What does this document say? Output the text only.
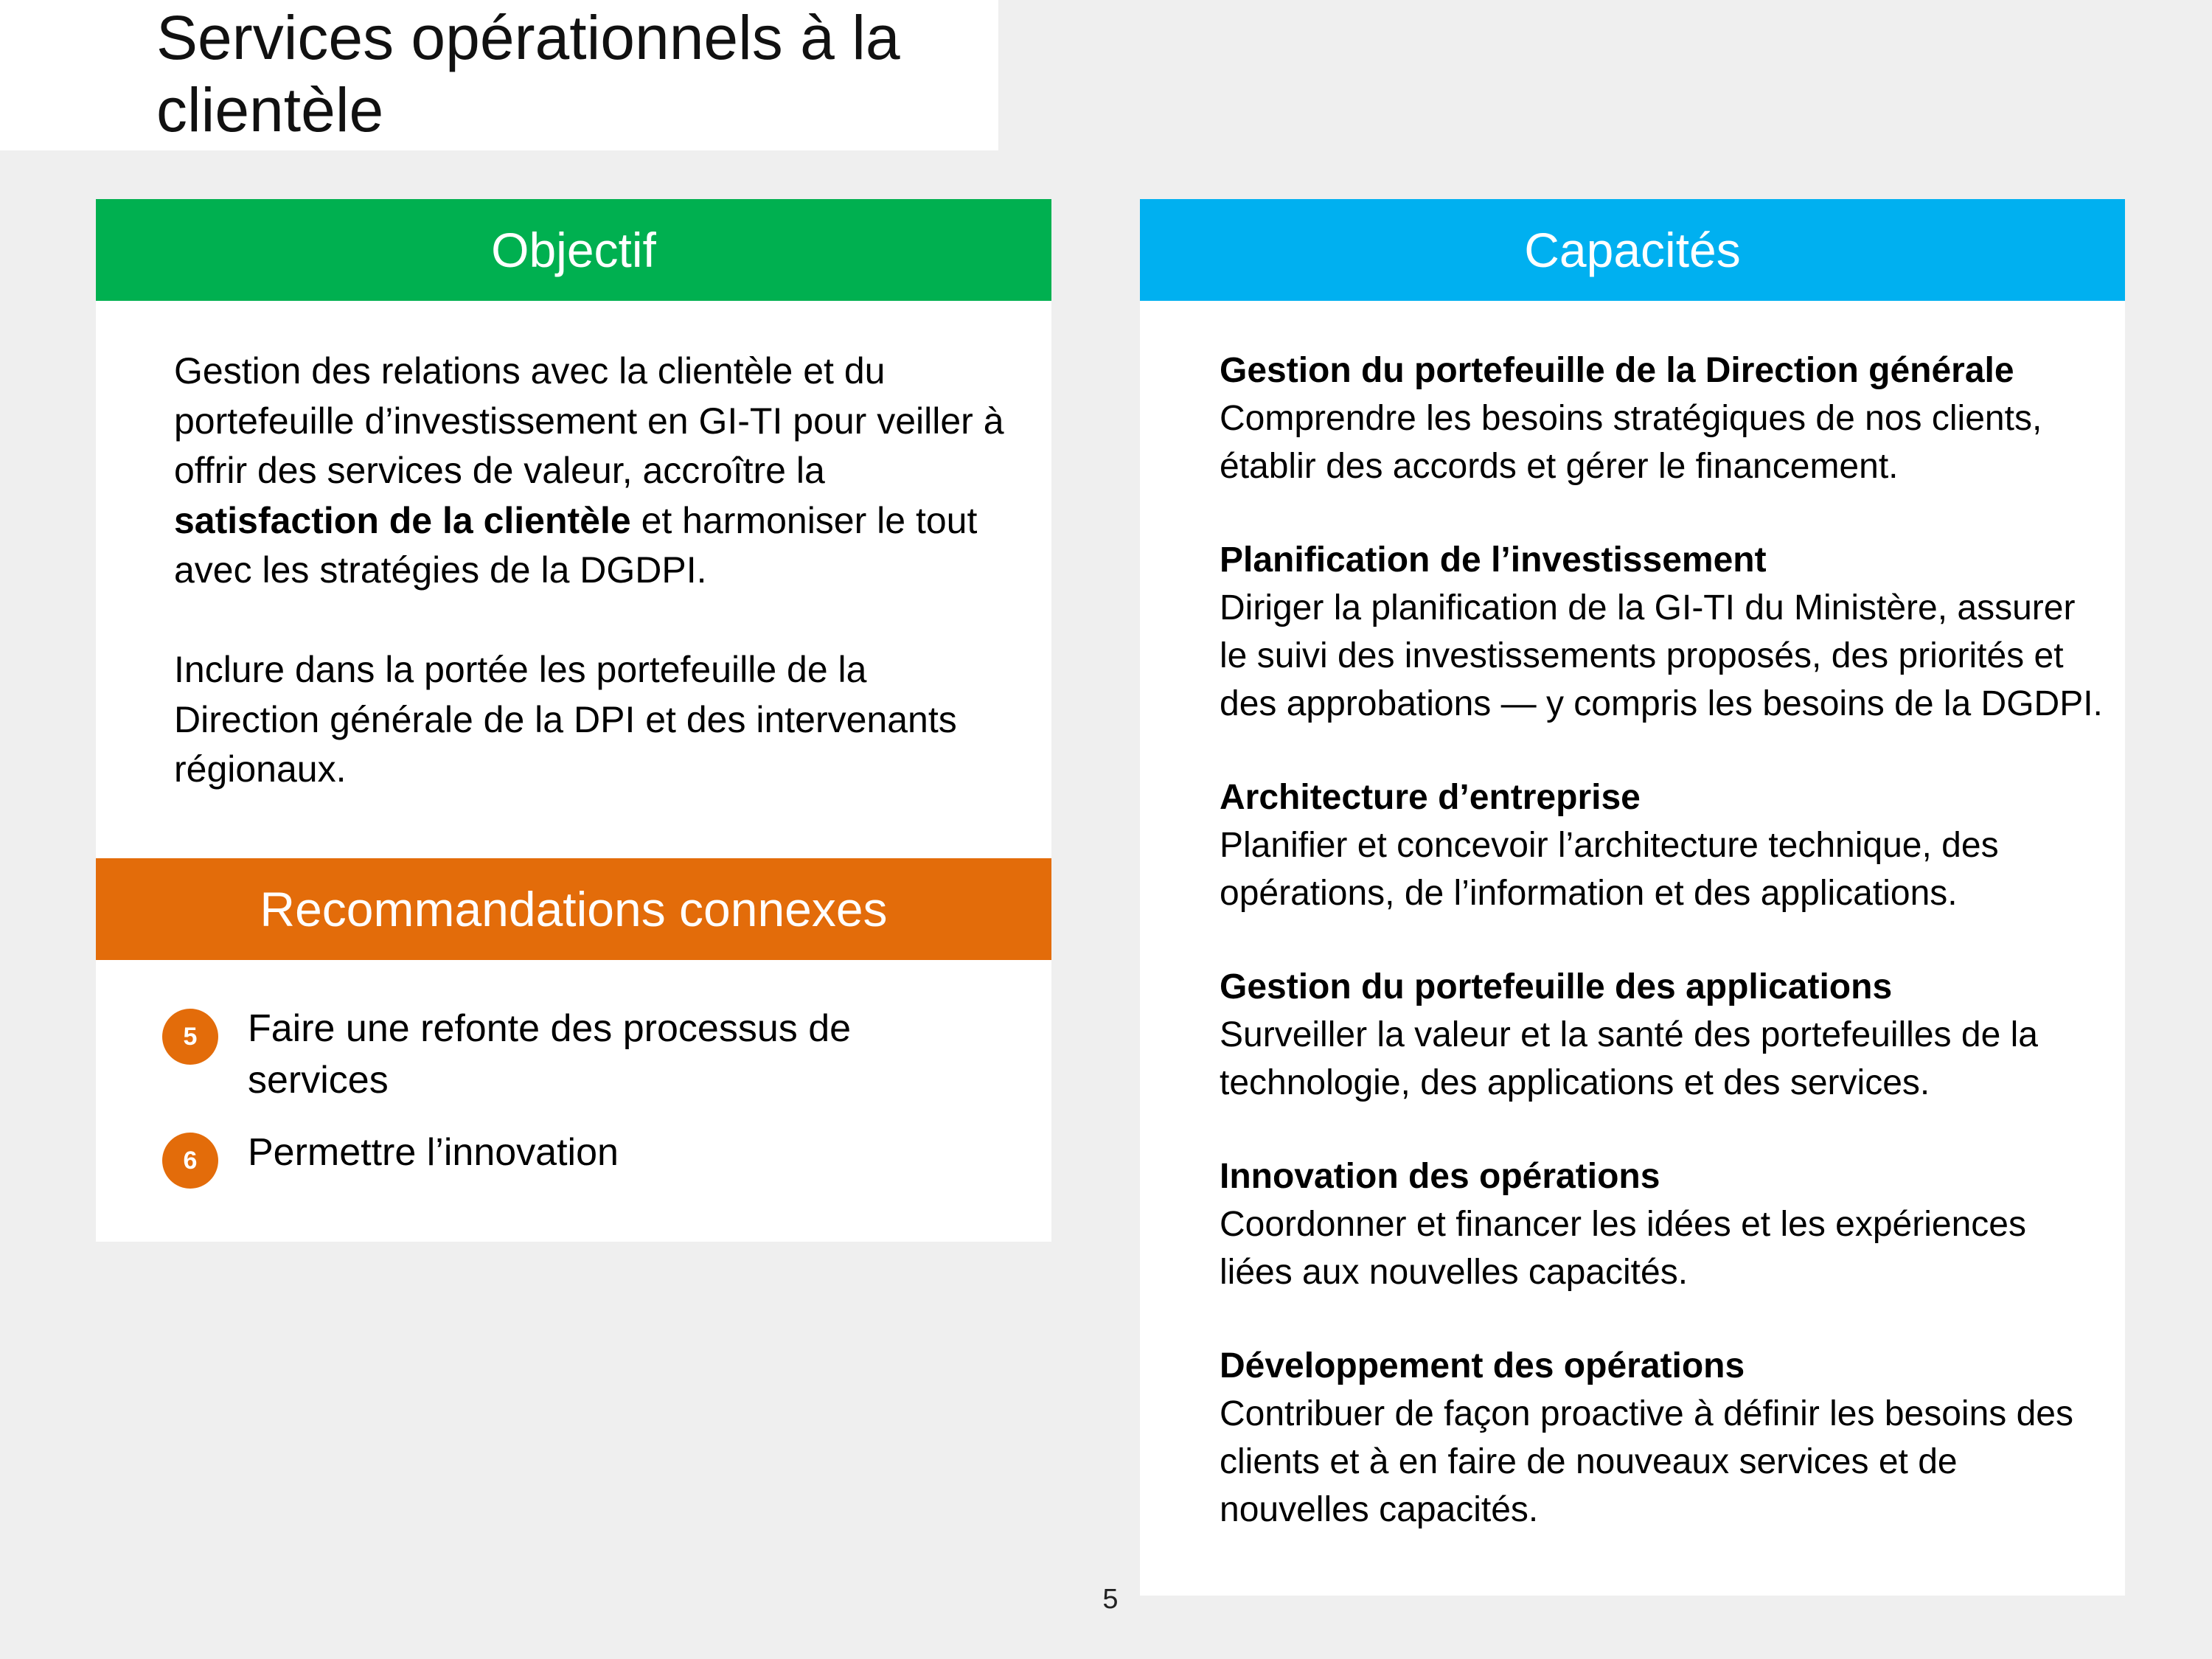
Services opérationnels à la clientèle
Objectif
Gestion des relations avec la clientèle et du portefeuille d’investissement en GI-TI pour veiller à offrir des services de valeur, accroître la satisfaction de la clientèle et harmoniser le tout avec les stratégies de la DGDPI.
Inclure dans la portée les portefeuille de la Direction générale de la DPI et des intervenants régionaux.
Recommandations connexes
5	Faire une refonte des processus de services
6	Permettre l’innovation
Capacités
Gestion du portefeuille de la Direction générale
Comprendre les besoins stratégiques de nos clients, établir des accords et gérer le financement.
Planification de l’investissement
Diriger la planification de la GI-TI du Ministère, assurer le suivi des investissements proposés, des priorités et des approbations — y compris les besoins de la DGDPI.
Architecture d’entreprise
Planifier et concevoir l’architecture technique, des opérations, de l’information et des applications.
Gestion du portefeuille des applications
Surveiller la valeur et la santé des portefeuilles de la technologie, des applications et des services.
Innovation des opérations
Coordonner et financer les idées et les expériences liées aux nouvelles capacités.
Développement des opérations
Contribuer de façon proactive à définir les besoins des clients et à en faire de nouveaux services et de nouvelles capacités.
5
